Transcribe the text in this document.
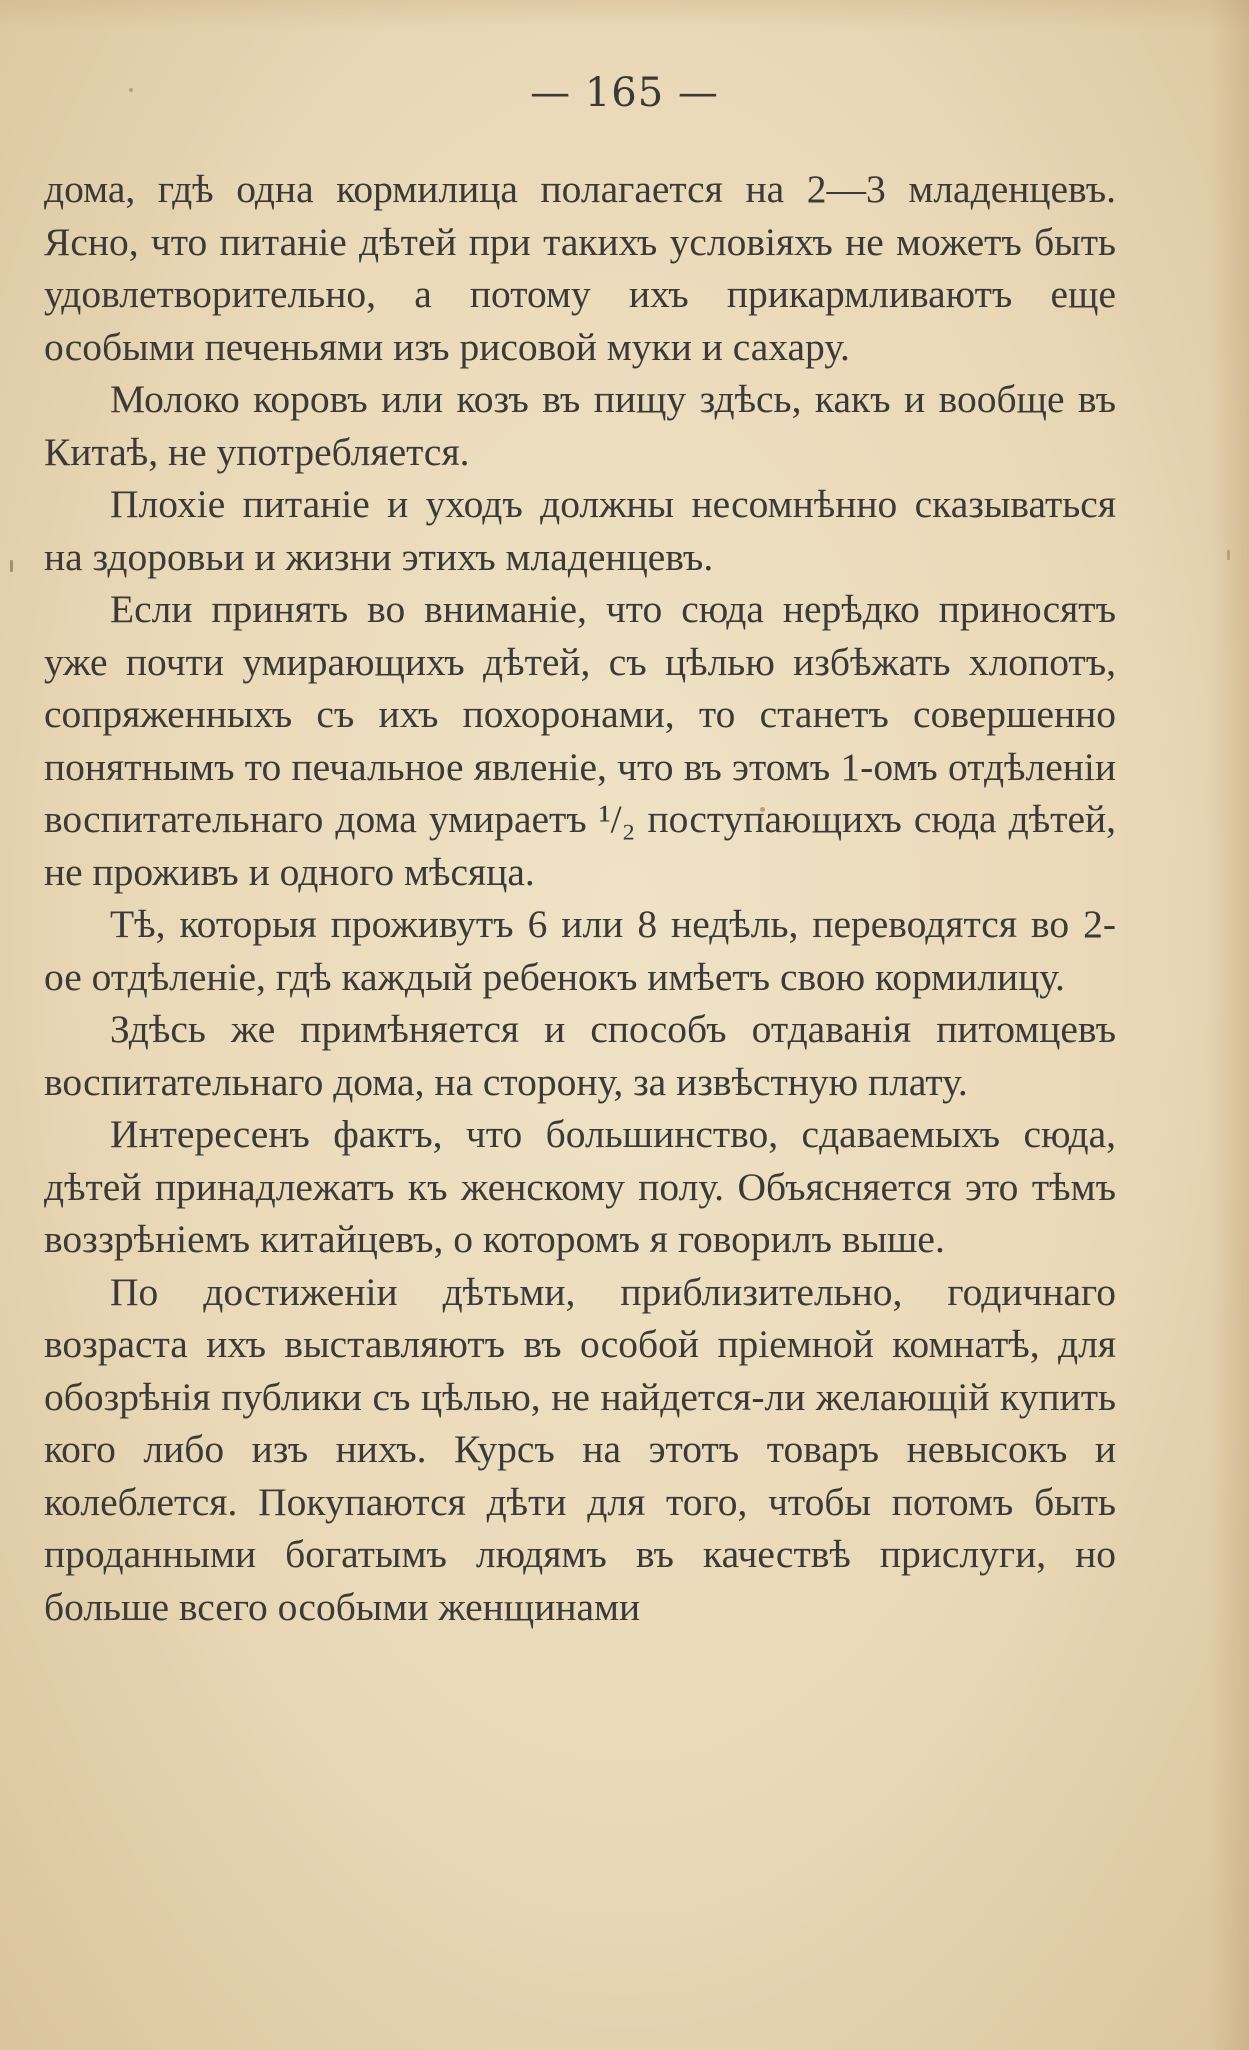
— 165 —

дома, гдѣ одна кормилица полагается на 2—3 младенцевъ. Ясно, что питаніе дѣтей при такихъ условіяхъ не можетъ быть удовлетворительно, а потому ихъ прикармливаютъ еще особыми печеньями изъ рисовой муки и сахару.

Молоко коровъ или козъ въ пищу здѣсь, какъ и вообще въ Китаѣ, не употребляется.

Плохіе питаніе и уходъ должны несомнѣнно сказываться на здоровьи и жизни этихъ младенцевъ.

Если принять во вниманіе, что сюда нерѣдко приносятъ уже почти умирающихъ дѣтей, съ цѣлью избѣжать хлопотъ, сопряженныхъ съ ихъ похоронами, то станетъ совершенно понятнымъ то печальное явленіе, что въ этомъ 1-омъ отдѣленіи воспитательнаго дома умираетъ ¹/₂ поступающихъ сюда дѣтей, не проживъ и одного мѣсяца.

Тѣ, которыя проживутъ 6 или 8 недѣль, переводятся во 2-ое отдѣленіе, гдѣ каждый ребенокъ имѣетъ свою кормилицу.

Здѣсь же примѣняется и способъ отдаванія питомцевъ воспитательнаго дома, на сторону, за извѣстную плату.

Интересенъ фактъ, что большинство, сдаваемыхъ сюда, дѣтей принадлежатъ къ женскому полу. Объясняется это тѣмъ воззрѣніемъ китайцевъ, о которомъ я говорилъ выше.

По достиженіи дѣтьми, приблизительно, годичнаго возраста ихъ выставляютъ въ особой пріемной комнатѣ, для обозрѣнія публики съ цѣлью, не найдется-ли желающій купить кого либо изъ нихъ. Курсъ на этотъ товаръ невысокъ и колеблется. Покупаются дѣти для того, чтобы потомъ быть проданными богатымъ людямъ въ качествѣ прислуги, но больше всего особыми женщинами
